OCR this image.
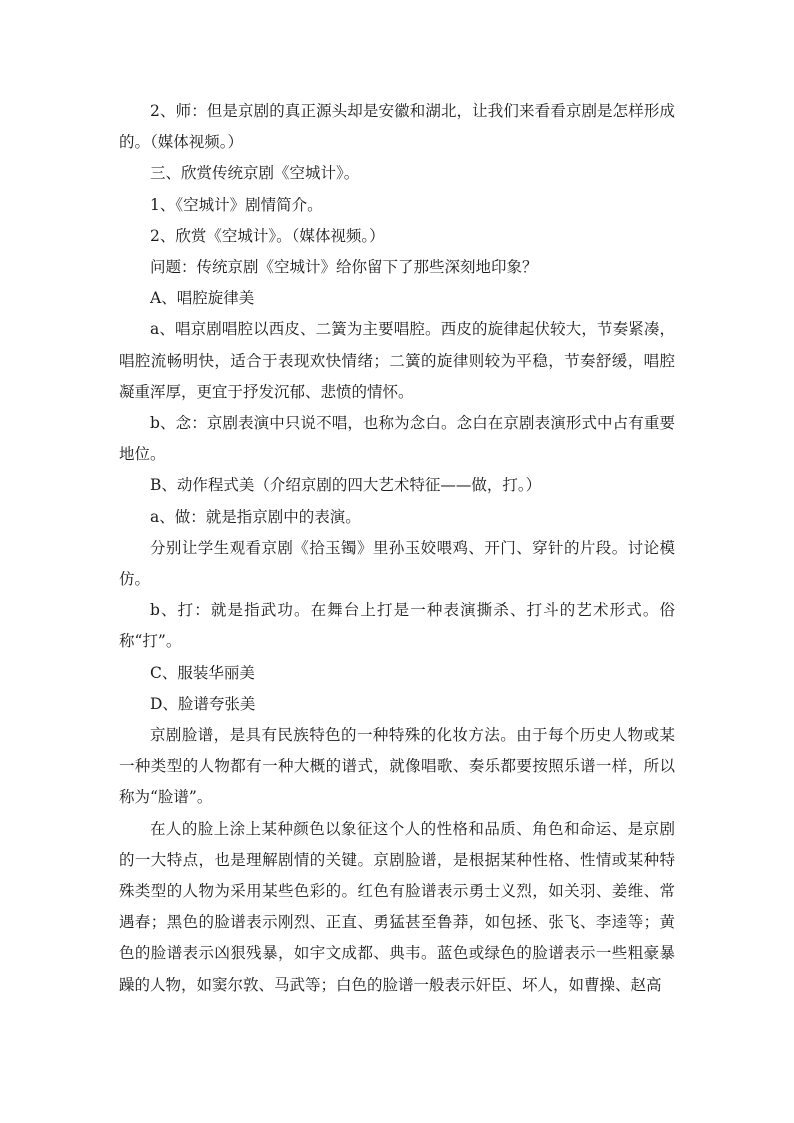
2、师：但是京剧的真正源头却是安徽和湖北，让我们来看看京剧是怎样形成的。（媒体视频。）

三、欣赏传统京剧《空城计》。

1、《空城计》剧情简介。

2、欣赏《空城计》。（媒体视频。）

问题：传统京剧《空城计》给你留下了那些深刻地印象？

A、唱腔旋律美

a、唱京剧唱腔以西皮、二簧为主要唱腔。西皮的旋律起伏较大，节奏紧凑，唱腔流畅明快，适合于表现欢快情绪；二簧的旋律则较为平稳，节奏舒缓，唱腔凝重浑厚，更宜于抒发沉郁、悲愤的情怀。

b、念：京剧表演中只说不唱，也称为念白。念白在京剧表演形式中占有重要地位。

B、动作程式美（介绍京剧的四大艺术特征——做，打。）

a、做：就是指京剧中的表演。

分别让学生观看京剧《拾玉镯》里孙玉姣喂鸡、开门、穿针的片段。讨论模仿。

b、打：就是指武功。在舞台上打是一种表演撕杀、打斗的艺术形式。俗称“打”。

C、服装华丽美

D、脸谱夸张美

京剧脸谱，是具有民族特色的一种特殊的化妆方法。由于每个历史人物或某一种类型的人物都有一种大概的谱式，就像唱歌、奏乐都要按照乐谱一样，所以称为“脸谱”。

在人的脸上涂上某种颜色以象征这个人的性格和品质、角色和命运、是京剧的一大特点，也是理解剧情的关键。京剧脸谱，是根据某种性格、性情或某种特殊类型的人物为采用某些色彩的。红色有脸谱表示勇士义烈，如关羽、姜维、常遇春；黑色的脸谱表示刚烈、正直、勇猛甚至鲁莽，如包拯、张飞、李逵等；黄色的脸谱表示凶狠残暴，如宇文成都、典韦。蓝色或绿色的脸谱表示一些粗豪暴躁的人物，如窦尔敦、马武等；白色的脸谱一般表示奸臣、坏人，如曹操、赵高
